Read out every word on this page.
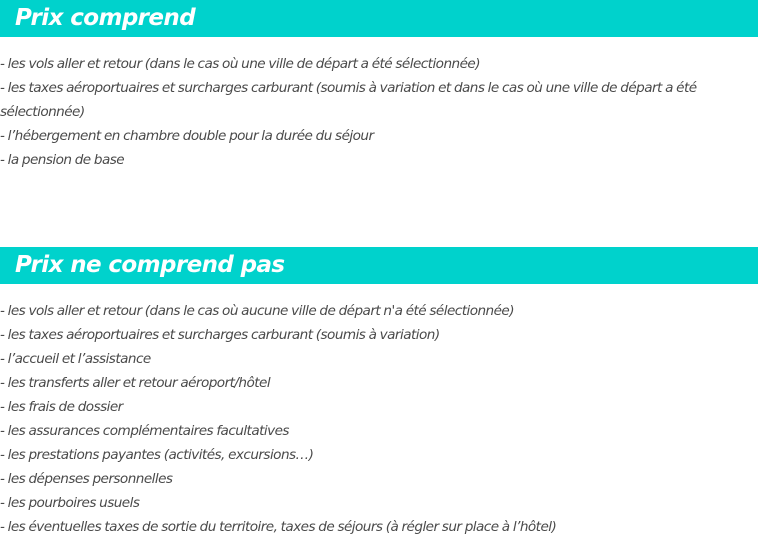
Prix comprend
- les vols aller et retour (dans le cas où une ville de départ a été sélectionnée)
- les taxes aéroportuaires et surcharges carburant (soumis à variation et dans le cas où une ville de départ a été sélectionnée)
- l’hébergement en chambre double pour la durée du séjour
- la pension de base
Prix ne comprend pas
- les vols aller et retour (dans le cas où aucune ville de départ n'a été sélectionnée)
- les taxes aéroportuaires et surcharges carburant (soumis à variation)
- l’accueil et l’assistance
- les transferts aller et retour aéroport/hôtel
- les frais de dossier
- les assurances complémentaires facultatives
- les prestations payantes (activités, excursions…)
- les dépenses personnelles
- les pourboires usuels
- les éventuelles taxes de sortie du territoire, taxes de séjours (à régler sur place à l’hôtel)
